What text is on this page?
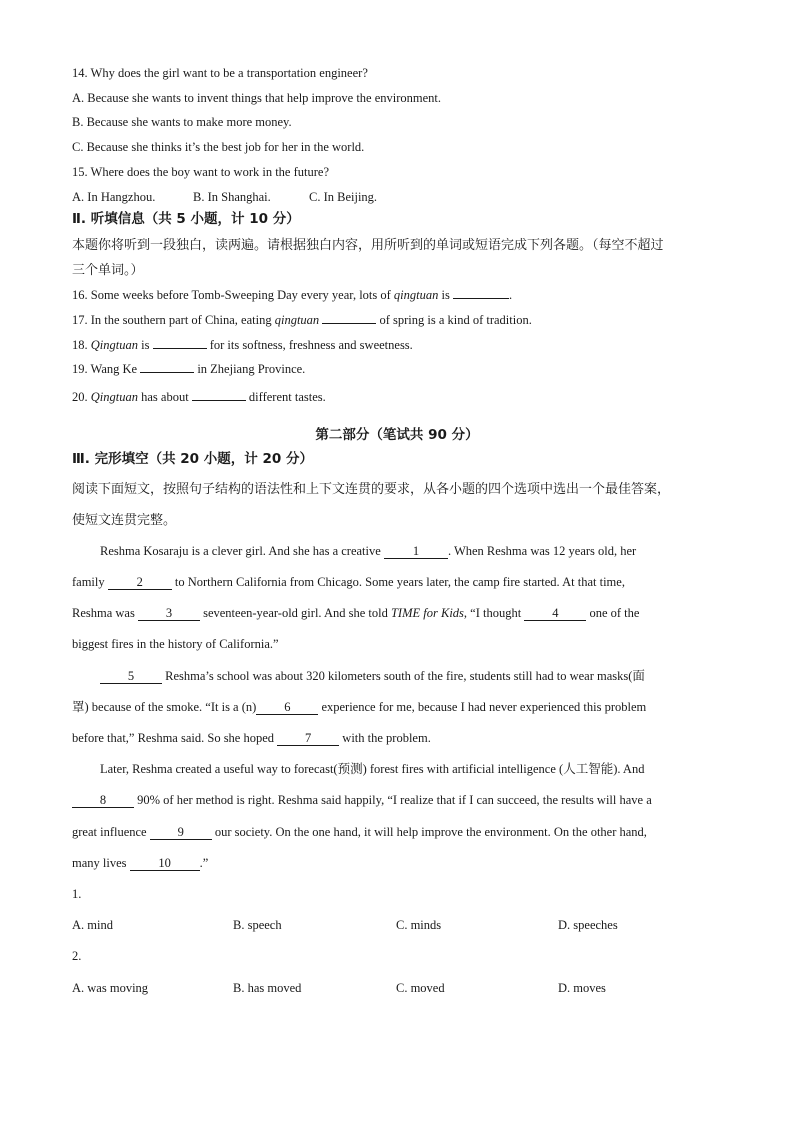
14. Why does the girl want to be a transportation engineer?
A. Because she wants to invent things that help improve the environment.
B. Because she wants to make more money.
C. Because she thinks it’s the best job for her in the world.
15. Where does the boy want to work in the future?
A. In Hangzhou.	B. In Shanghai.	C. In Beijing.
Ⅱ. 听填信息（共 5 小题，计 10 分）
本题你将听到一段独白，读两遍。请根据独白内容，用所听到的单词或短语完成下列各题。（每空不超过
三个单词。）
16. Some weeks before Tomb-Sweeping Day every year, lots of qingtuan is	.
17. In the southern part of China, eating qingtuan	of spring is a kind of tradition.
18. Qingtuan is	for its softness, freshness and sweetness.
19. Wang Ke	in Zhejiang Province.
20. Qingtuan has about	different tastes.
第二部分（笔试共 90 分）
Ⅲ. 完形填空（共 20 小题，计 20 分）
阅读下面短文，按照句子结构的语法性和上下文连贯的要求，从各小题的四个选项中选出一个最佳答案，
使短文连贯完整。
Reshma Kosaraju is a clever girl. And she has a creative 1 . When Reshma was 12 years old, her
family 2 to Northern California from Chicago. Some years later, the camp fire started. At that time,
Reshma was 3 seventeen-year-old girl. And she told TIME for Kids, “I thought 4 one of the
biggest fires in the history of California.”
5 Reshma’s school was about 320 kilometers south of the fire, students still had to wear masks(面
罩) because of the smoke. “It is a (n) 6 experience for me, because I had never experienced this problem
before that,” Reshma said. So she hoped 7 with the problem.
Later, Reshma created a useful way to forecast(预测) forest fires with artificial intelligence (人工智能). And
8 90% of her method is right. Reshma said happily, “I realize that if I can succeed, the results will have a
great influence 9 our society. On the one hand, it will help improve the environment. On the other hand,
many lives 10 .”
1.
A. mind	B. speech	C. minds	D. speeches
2.
A. was moving	B. has moved	C. moved	D. moves
